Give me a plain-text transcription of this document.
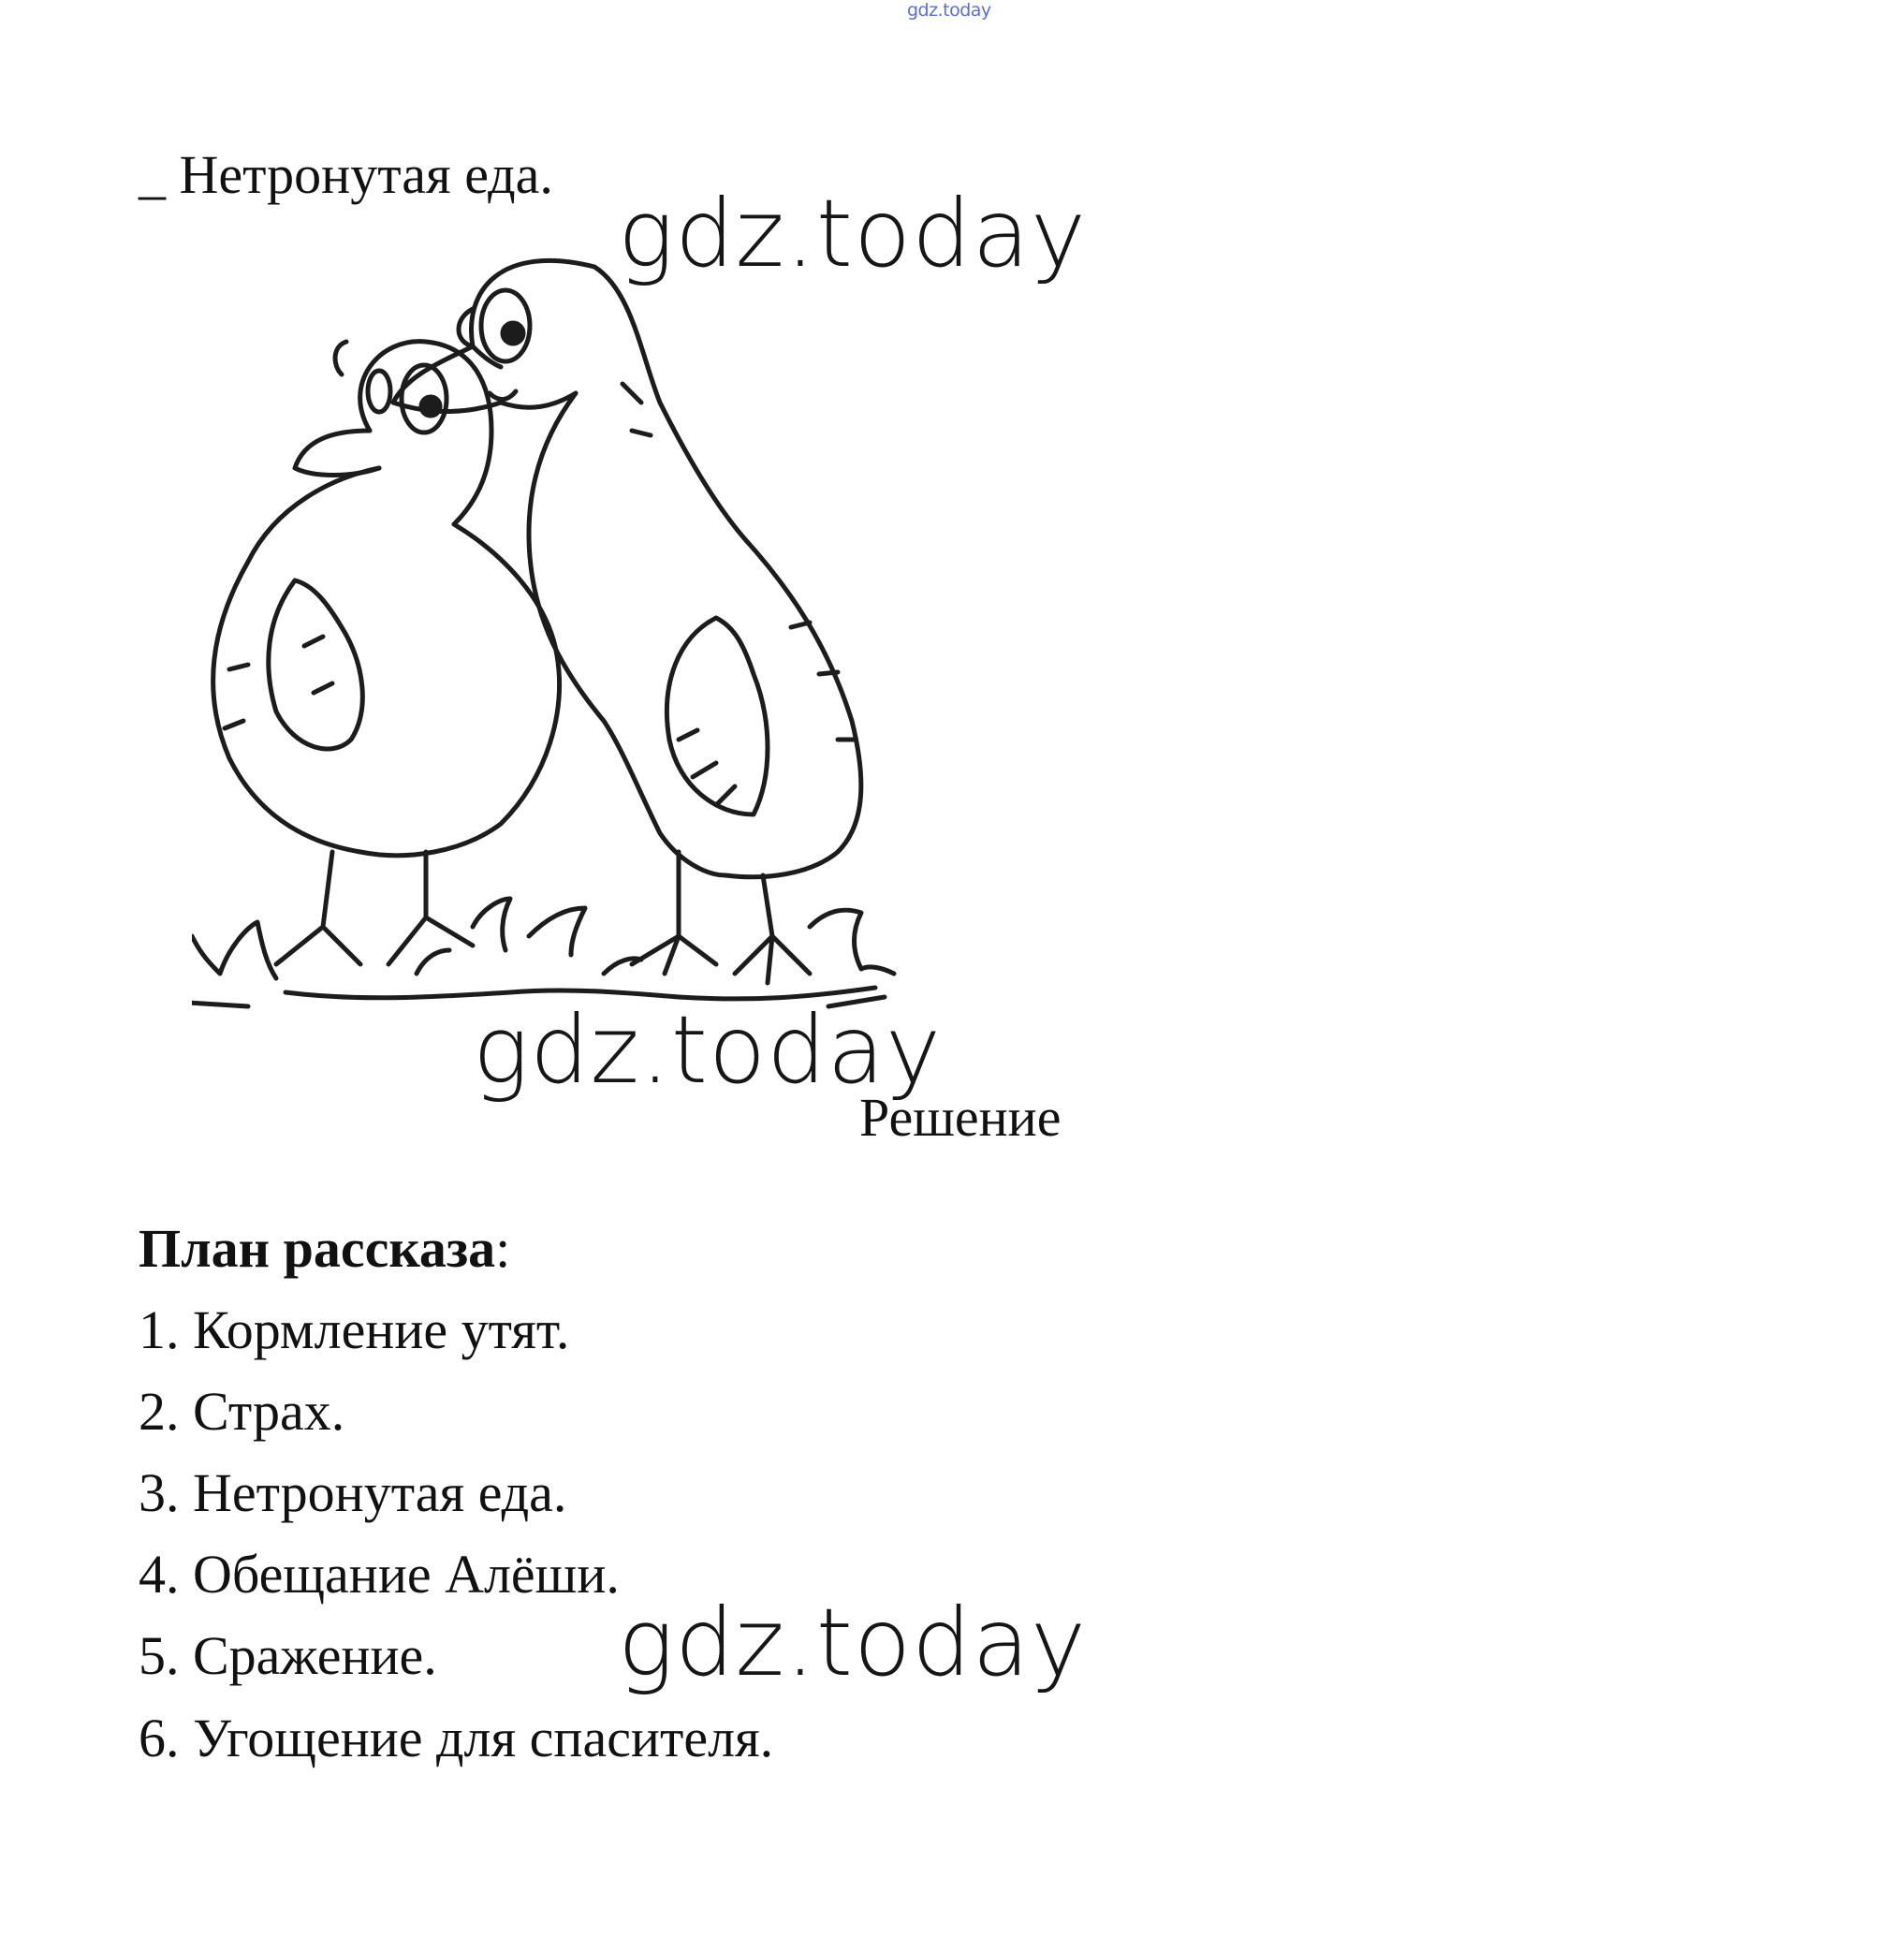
gdz.today
_ Нетронутая еда.
gdz.today
gdz.today
Решение
План рассказа:
1. Кормление утят.
2. Страх.
3. Нетронутая еда.
4. Обещание Алёши.
gdz.today
5. Сражение.
6. Угощение для спасителя.
